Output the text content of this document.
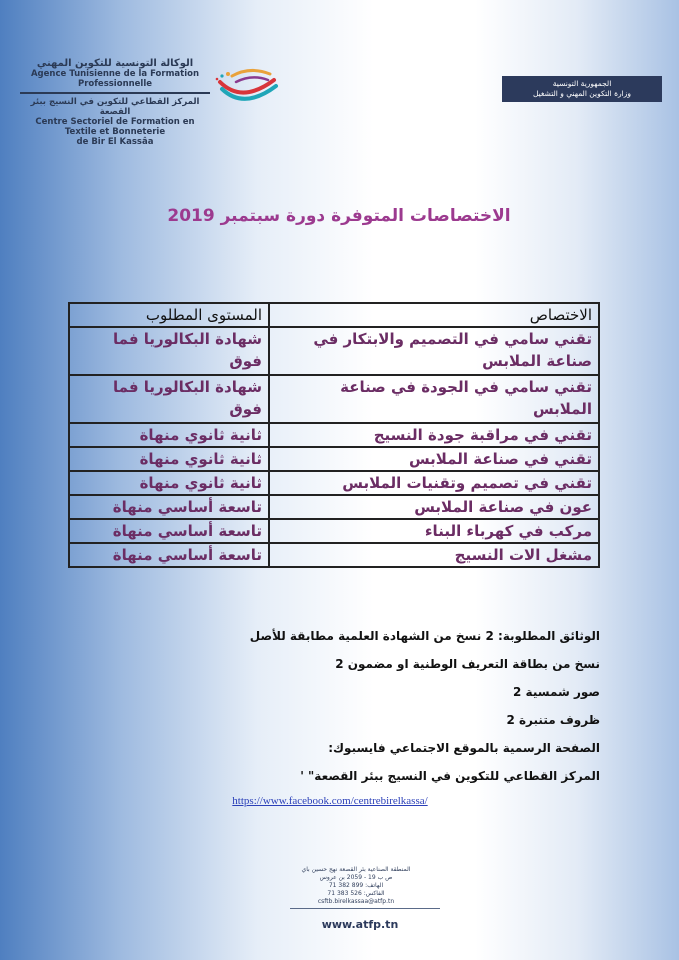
الوكالة التونسية للتكوين المهني
Agence Tunisienne de la Formation
Professionnelle
المركز القطاعي للتكوين في النسيج ببئر القصعة
Centre Sectoriel de Formation en Textile et Bonneterie
de Bir El Kassâa
الجمهورية التونسية
وزارة التكوين المهني و التشغيل
الاختصاصات المتوفرة دورة سبتمبر 2019
الاختصاص	المستوى المطلوب
تقني سامي في التصميم والابتكار في صناعة الملابس	شهادة البكالوريا فما فوق
تقني سامي في الجودة في صناعة الملابس	شهادة البكالوريا فما فوق
تقني في مراقبة جودة النسيج	ثانية ثانوي منهاة
تقني في صناعة الملابس	ثانية ثانوي منهاة
تقني في تصميم وتقنيات الملابس	ثانية ثانوي منهاة
عون في صناعة الملابس	تاسعة أساسي منهاة
مركب في كهرباء البناء	تاسعة أساسي منهاة
مشغل الات النسيج	تاسعة أساسي منهاة
الوثائق المطلوبة: 2 نسخ من الشهادة العلمية مطابقة للأصل
نسخ من بطاقة التعريف الوطنية او مضمون 2
صور شمسية 2
ظروف متنبرة 2
الصفحة الرسمية بالموقع الاجتماعي فايسبوك:
المركز القطاعي للتكوين في النسيج ببئر القصعة" '
https://www.facebook.com/centrebirelkassa/
المنطقة الصناعية بئر القصعة نهج حسين باي
ص ب 19 - 2059 بن عروس
الهاتف: 899 382 71
الفاكس: 526 383 71
csftb.birelkassaa@atfp.tn
www.atfp.tn
